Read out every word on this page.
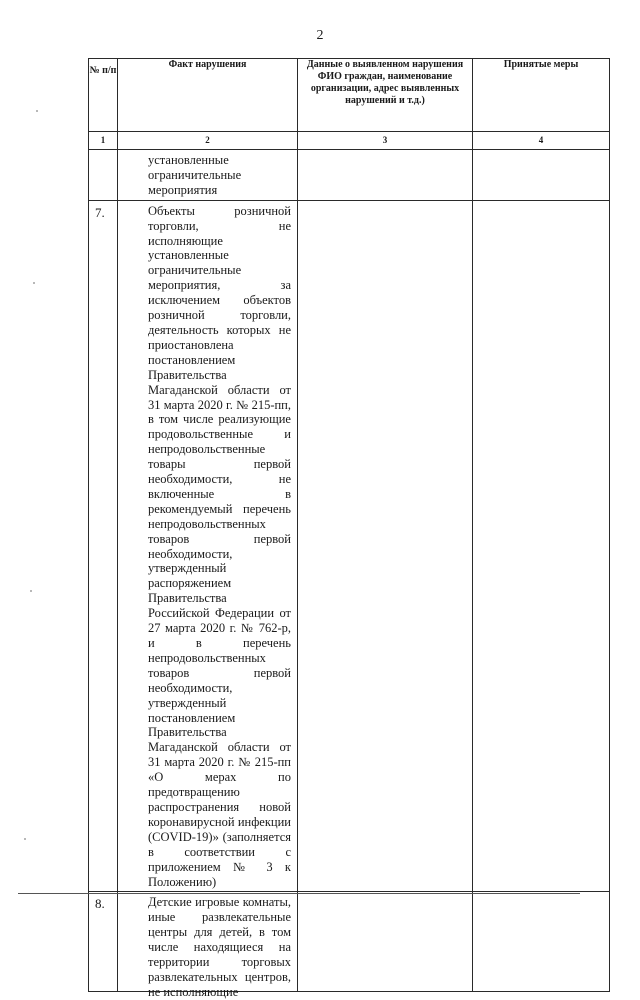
2
№ п/п	Факт нарушения	Данные о выявленном нарушения ФИО граждан, наименование организации, адрес выявленных нарушений и т.д.)	Принятые меры
1	2	3	4

	установленные ограничительные мероприятия		

7.	Объекты розничной торговли, не исполняющие установленные ограничительные мероприятия, за исключением объектов розничной торговли, деятельность которых не приостановлена постановлением Правительства Магаданской области от 31 марта 2020 г. № 215-пп, в том числе реализующие продовольственные и непродовольственные товары первой необходимости, не включенные в рекомендуемый перечень непродовольственных товаров первой необходимости, утвержденный распоряжением Правительства Российской Федерации от 27 марта 2020 г. № 762-р, и в перечень непродовольственных товаров первой необходимости, утвержденный постановлением Правительства Магаданской области от 31 марта 2020 г. № 215-пп «О мерах по предотвращению распространения новой коронавирусной инфекции (COVID-19)» (заполняется в соответствии с приложением № 3 к Положению)		

8.	Детские игровые комнаты, иные развлекательные центры для детей, в том числе находящиеся на территории торговых развлекательных центров, не исполняющие		
